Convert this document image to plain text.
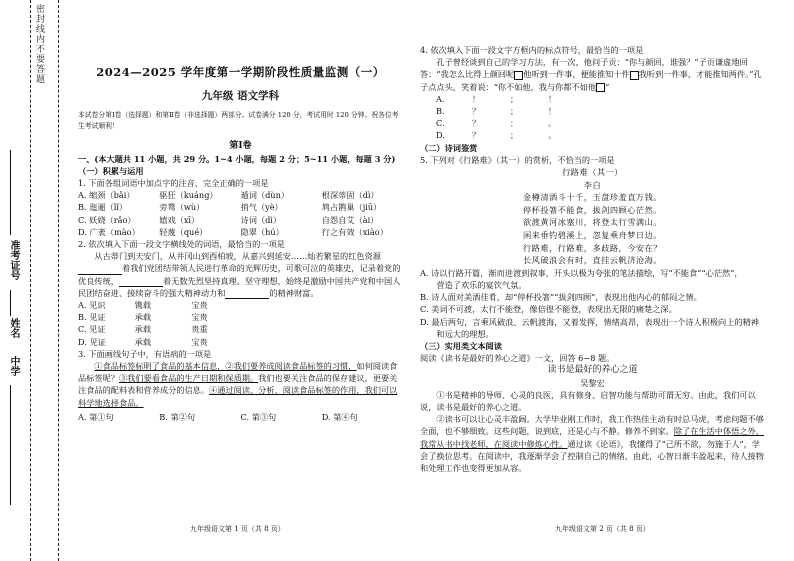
密封线内不要答题
准考证号
姓名
中学
2024—2025 学年度第一学期阶段性质量监测（一）
九年级 语文学科
本试卷分第Ⅰ卷（选择题）和第Ⅱ卷（非选择题）两部分。试卷满分 120 分，考试用时 120 分钟。祝各位考
生考试顺利！
第Ⅰ卷
一、(本大题共 11 小题，共 29 分。1~4 小题，每题 2 分；5~11 小题，每题 3 分)
（一）积累与运用
1. 下面各组词语中加点字的注音，完全正确的一项是
A. 缩颈（bǎi）	驱狂（kuáng）	遁词（dùn）	根深蒂固（dì）
B. 迤逦（lǐ）	旁骛（wù）	捎气（yè）	鸠占鹊巢（jiū）
C. 妖娆（rǎo）	嬉戏（xī）	诗词（dì）	自怨自艾（ài）
D. 广袤（mào）	轻蔑（qué）	隐翠（hú）	行之有效（xiào）
2. 依次填入下面一段文字横线处的词语，最恰当的一项是
从古蒂门到天安门，从井冈山到西柏坡，从嘉兴到延安……灿若繁星的红色资源着我们党团结带领人民进行革命的光辉历史，可歌可泣的英雄史，记录着党的优良传统，	着无数先烈坚持真理、坚守理想，始终是激励中国共产党和中国人民团结奋进、接续奋斗的强大精神动力和	的精神财富。
A. 见识	镌载	宝贵
B. 见证	承载	宝贵
C. 见证	承载	贵重
D. 见证	承载	宝贵
3. 下面画线句子中，有语病的一项是
①食品标签标明了食品的基本信息，②我们要养成阅读食品标签的习惯，如何阅读食品标签呢？③我们要看食品的生产日期和保质期。我们也要关注食品的保存建议，更要关注食品的配料表和营养成分的信息。④通过阅读、分析、阅读食品标签的作用，我们可以科学地选择食品。
A. 第①句	B. 第②句	C. 第③句	D. 第④句
九年级语文第 1 页（共 8 页）
4. 依次填入下面一段文字方框内的标点符号，最恰当的一项是
孔子曾经谈到自己的学习方法，有一次，他问子贡：“你与颜回，谁强？”子贡谦虚地回答：“我怎么比得上颜回呢 他听到一件事，便能推知十件 我听到一件事，才能推知两件。”孔子点点头，笑着说：“你不如他，我与你都不如他 ”
A.	！	；	！
B.	？	；	！
C.	？	：	。
D.	？	；	。
（二）诗词鉴赏
5. 下列对《行路难》（其一）的赏析，不恰当的一项是
行路难（其一）
李白
金樽清酒斗十千，玉盘珍羞直万钱。
停杯投箸不能食，拔剑四顾心茫然。
欲渡黄河冰塞川，将登太行雪满山。
闲来垂钓碧溪上，忽复乘舟梦日边。
行路难，行路难，多歧路，今安在？
长风破浪会有时，直挂云帆济沧海。
A. 诗以行路开篇，渐而进渡到叙事，开头以极为夸张的笔法描绘，写“不能食”“心茫然”，
营造了欢乐的宴饮气氛。
B. 诗人面对美酒佳肴，却“停杯投箸”“拔剑四顾”，表现出他内心的郁闷之情。
C. 美词不可渡，太行不能登，像倍徨不能登，表现出无限的痛楚之深。
D. 最后两句，言乘风破浪、云帆渡海，又着发挥，情绪高昂，表现出一个诗人积极向上的精神
和远大的理想。
（三）实用类文本阅读
阅读《读书是最好的养心之道》一文，回答 6~8 题。
读书是最好的养心之道
吴黎宏
①书是精神的导师、心灵的良医，具有修身、启智功能与帮助可谓无穷。由此，我们可以说，读书是最好的养心之道。
②读书可以让心灵丰盈阔。大学毕业刚工作时，我工作热佳主动有时总马虎，考虑问题不够全面，也不够细致。这些问题，说到底，还是心与不静。修养不到家。除了在生活中体悟之外，我常从书中找老师，在阅读中修炼心性。通过读《论语》，我懂得了“己所不欲，勿施于人”，学会了换位思考。在阅读中，我逐渐学会了控制自己的情绪，由此，心智日渐丰盈起来，待人接物和处理工作也变得更加从容。
九年级语文第 2 页（共 8 页）
